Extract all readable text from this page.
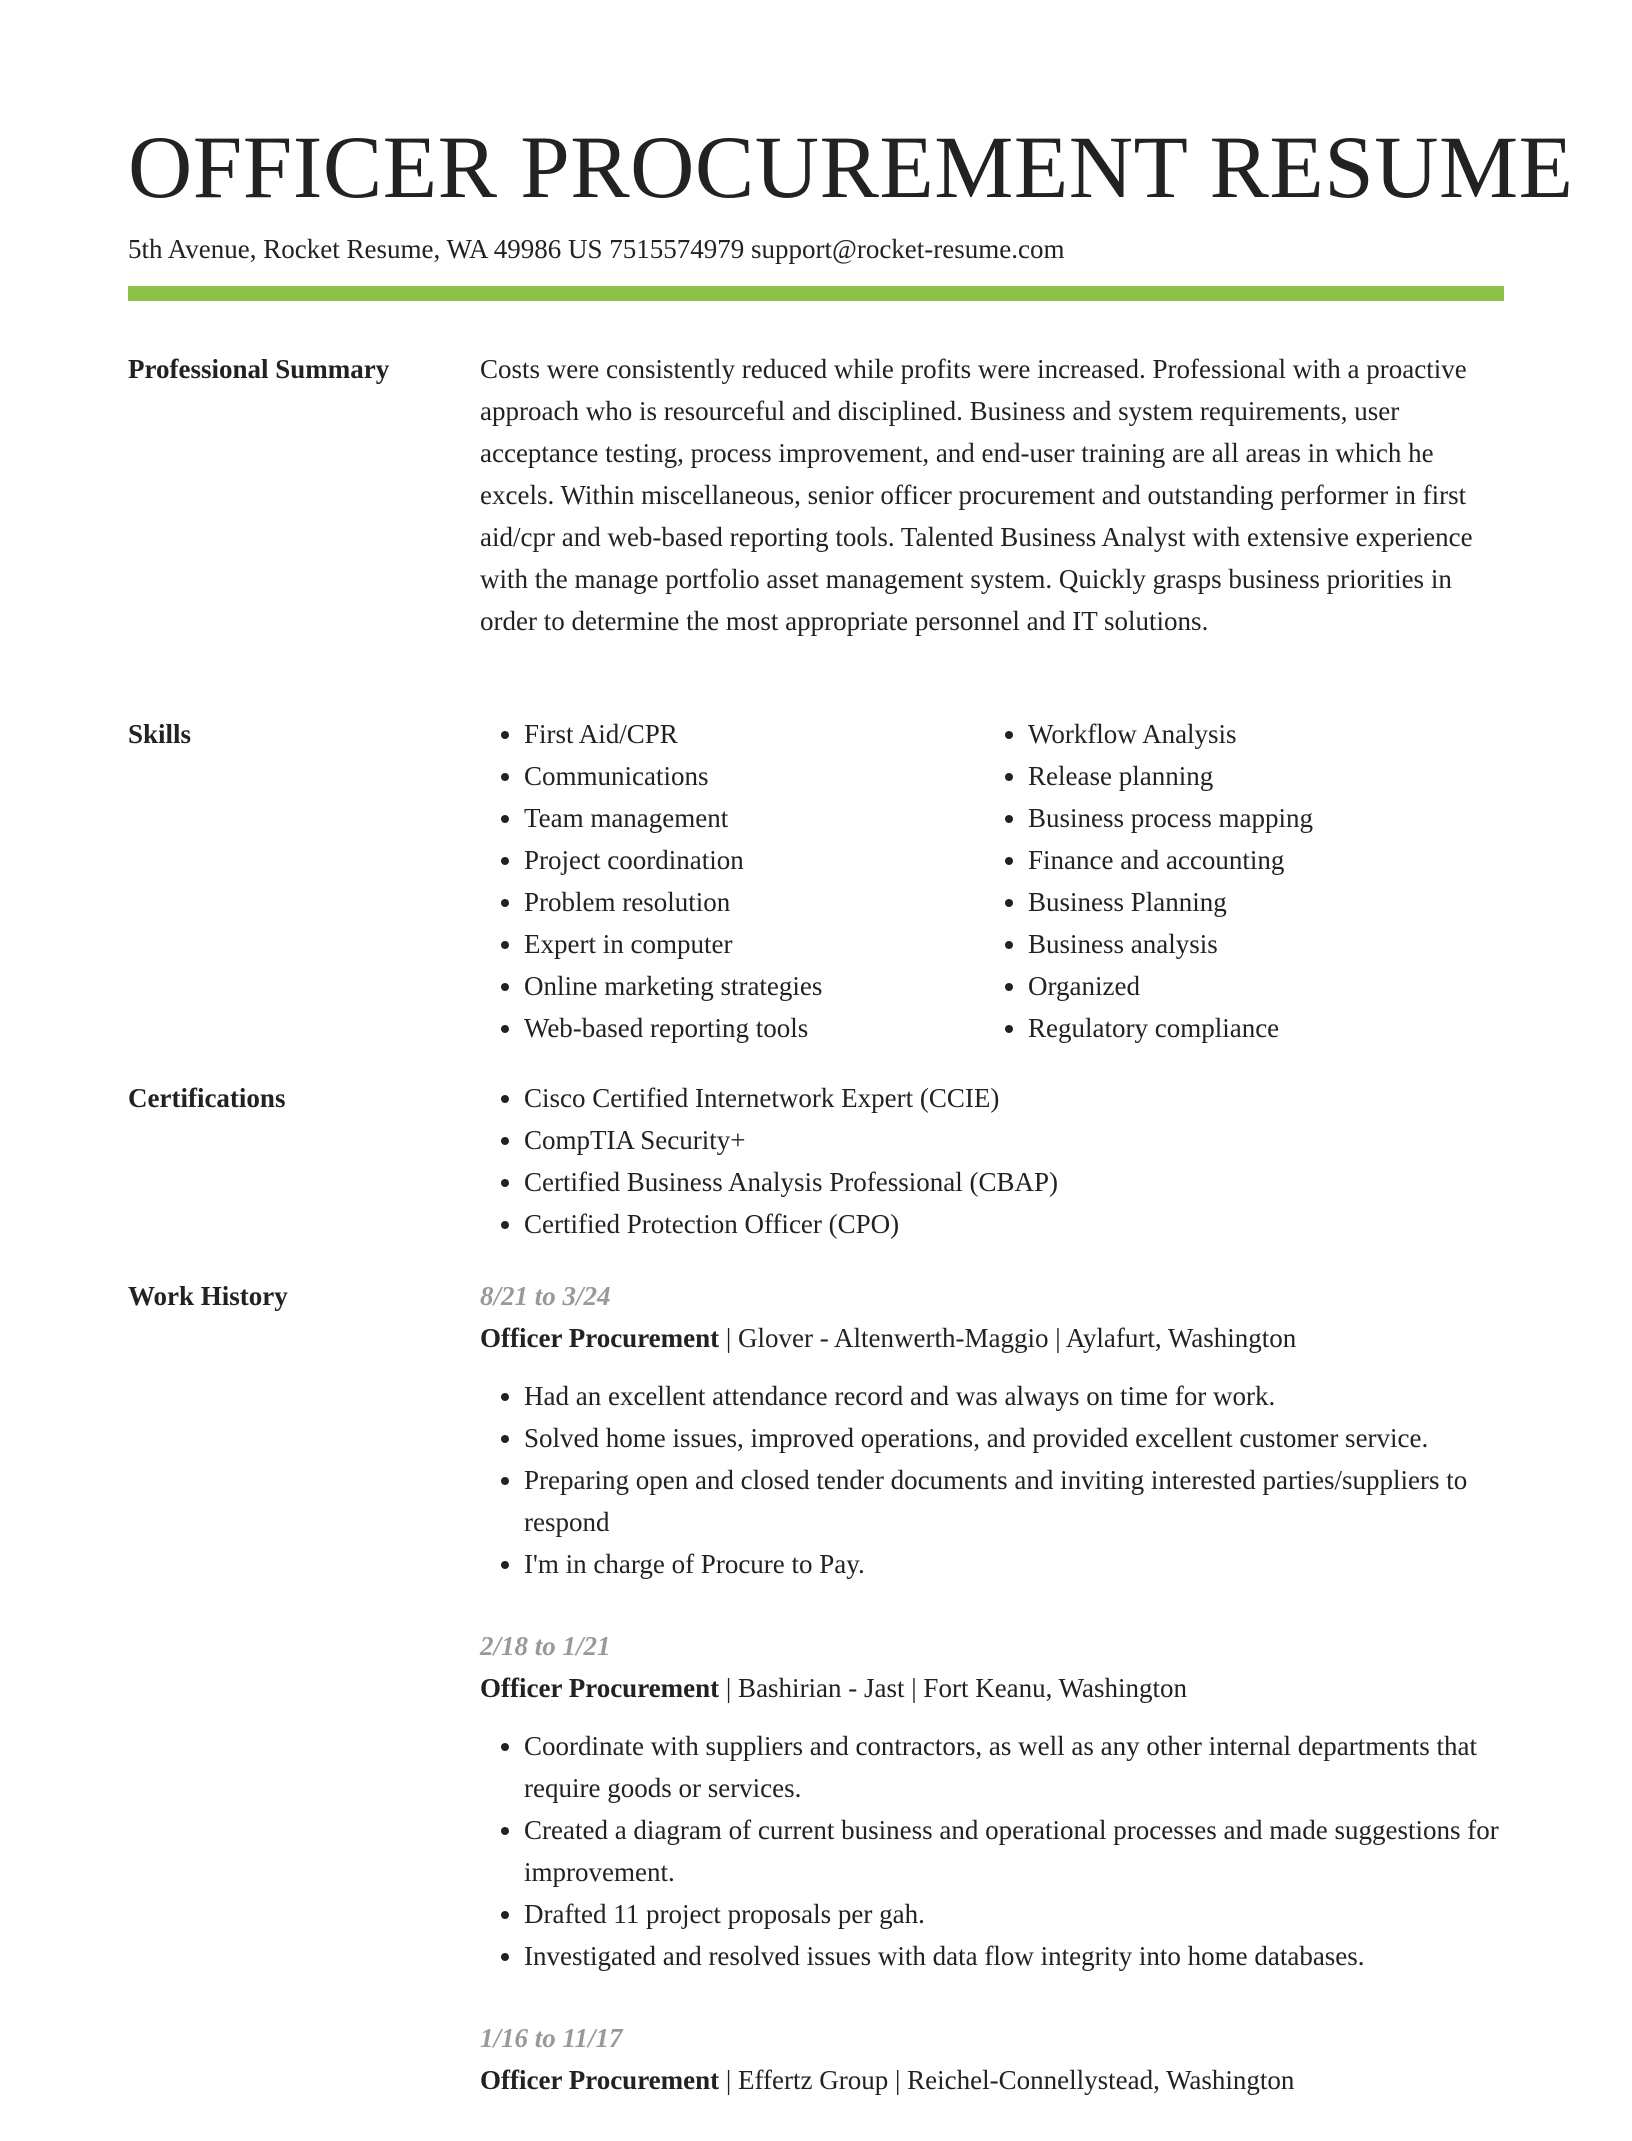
OFFICER PROCUREMENT RESUME
5th Avenue, Rocket Resume, WA 49986 US 7515574979 support@rocket-resume.com
Professional Summary	Costs were consistently reduced while profits were increased. Professional with a proactive approach who is resourceful and disciplined. Business and system requirements, user acceptance testing, process improvement, and end-user training are all areas in which he excels. Within miscellaneous, senior officer procurement and outstanding performer in first aid/cpr and web-based reporting tools. Talented Business Analyst with extensive experience with the manage portfolio asset management system. Quickly grasps business priorities in order to determine the most appropriate personnel and IT solutions.

Skills	• First Aid/CPR
• Communications
• Team management
• Project coordination
• Problem resolution
• Expert in computer
• Online marketing strategies
• Web-based reporting tools
• Workflow Analysis
• Release planning
• Business process mapping
• Finance and accounting
• Business Planning
• Business analysis
• Organized
• Regulatory compliance
Certifications	• Cisco Certified Internetwork Expert (CCIE)
• CompTIA Security+
• Certified Business Analysis Professional (CBAP)
• Certified Protection Officer (CPO)
Work History	8/21 to 3/24
Officer Procurement | Glover - Altenwerth-Maggio | Aylafurt, Washington
• Had an excellent attendance record and was always on time for work.
• Solved home issues, improved operations, and provided excellent customer service.
• Preparing open and closed tender documents and inviting interested parties/suppliers to respond
• I'm in charge of Procure to Pay.
2/18 to 1/21
Officer Procurement | Bashirian - Jast | Fort Keanu, Washington
• Coordinate with suppliers and contractors, as well as any other internal departments that require goods or services.
• Created a diagram of current business and operational processes and made suggestions for improvement.
• Drafted 11 project proposals per gah.
• Investigated and resolved issues with data flow integrity into home databases.
1/16 to 11/17
Officer Procurement | Effertz Group | Reichel-Connellystead, Washington
